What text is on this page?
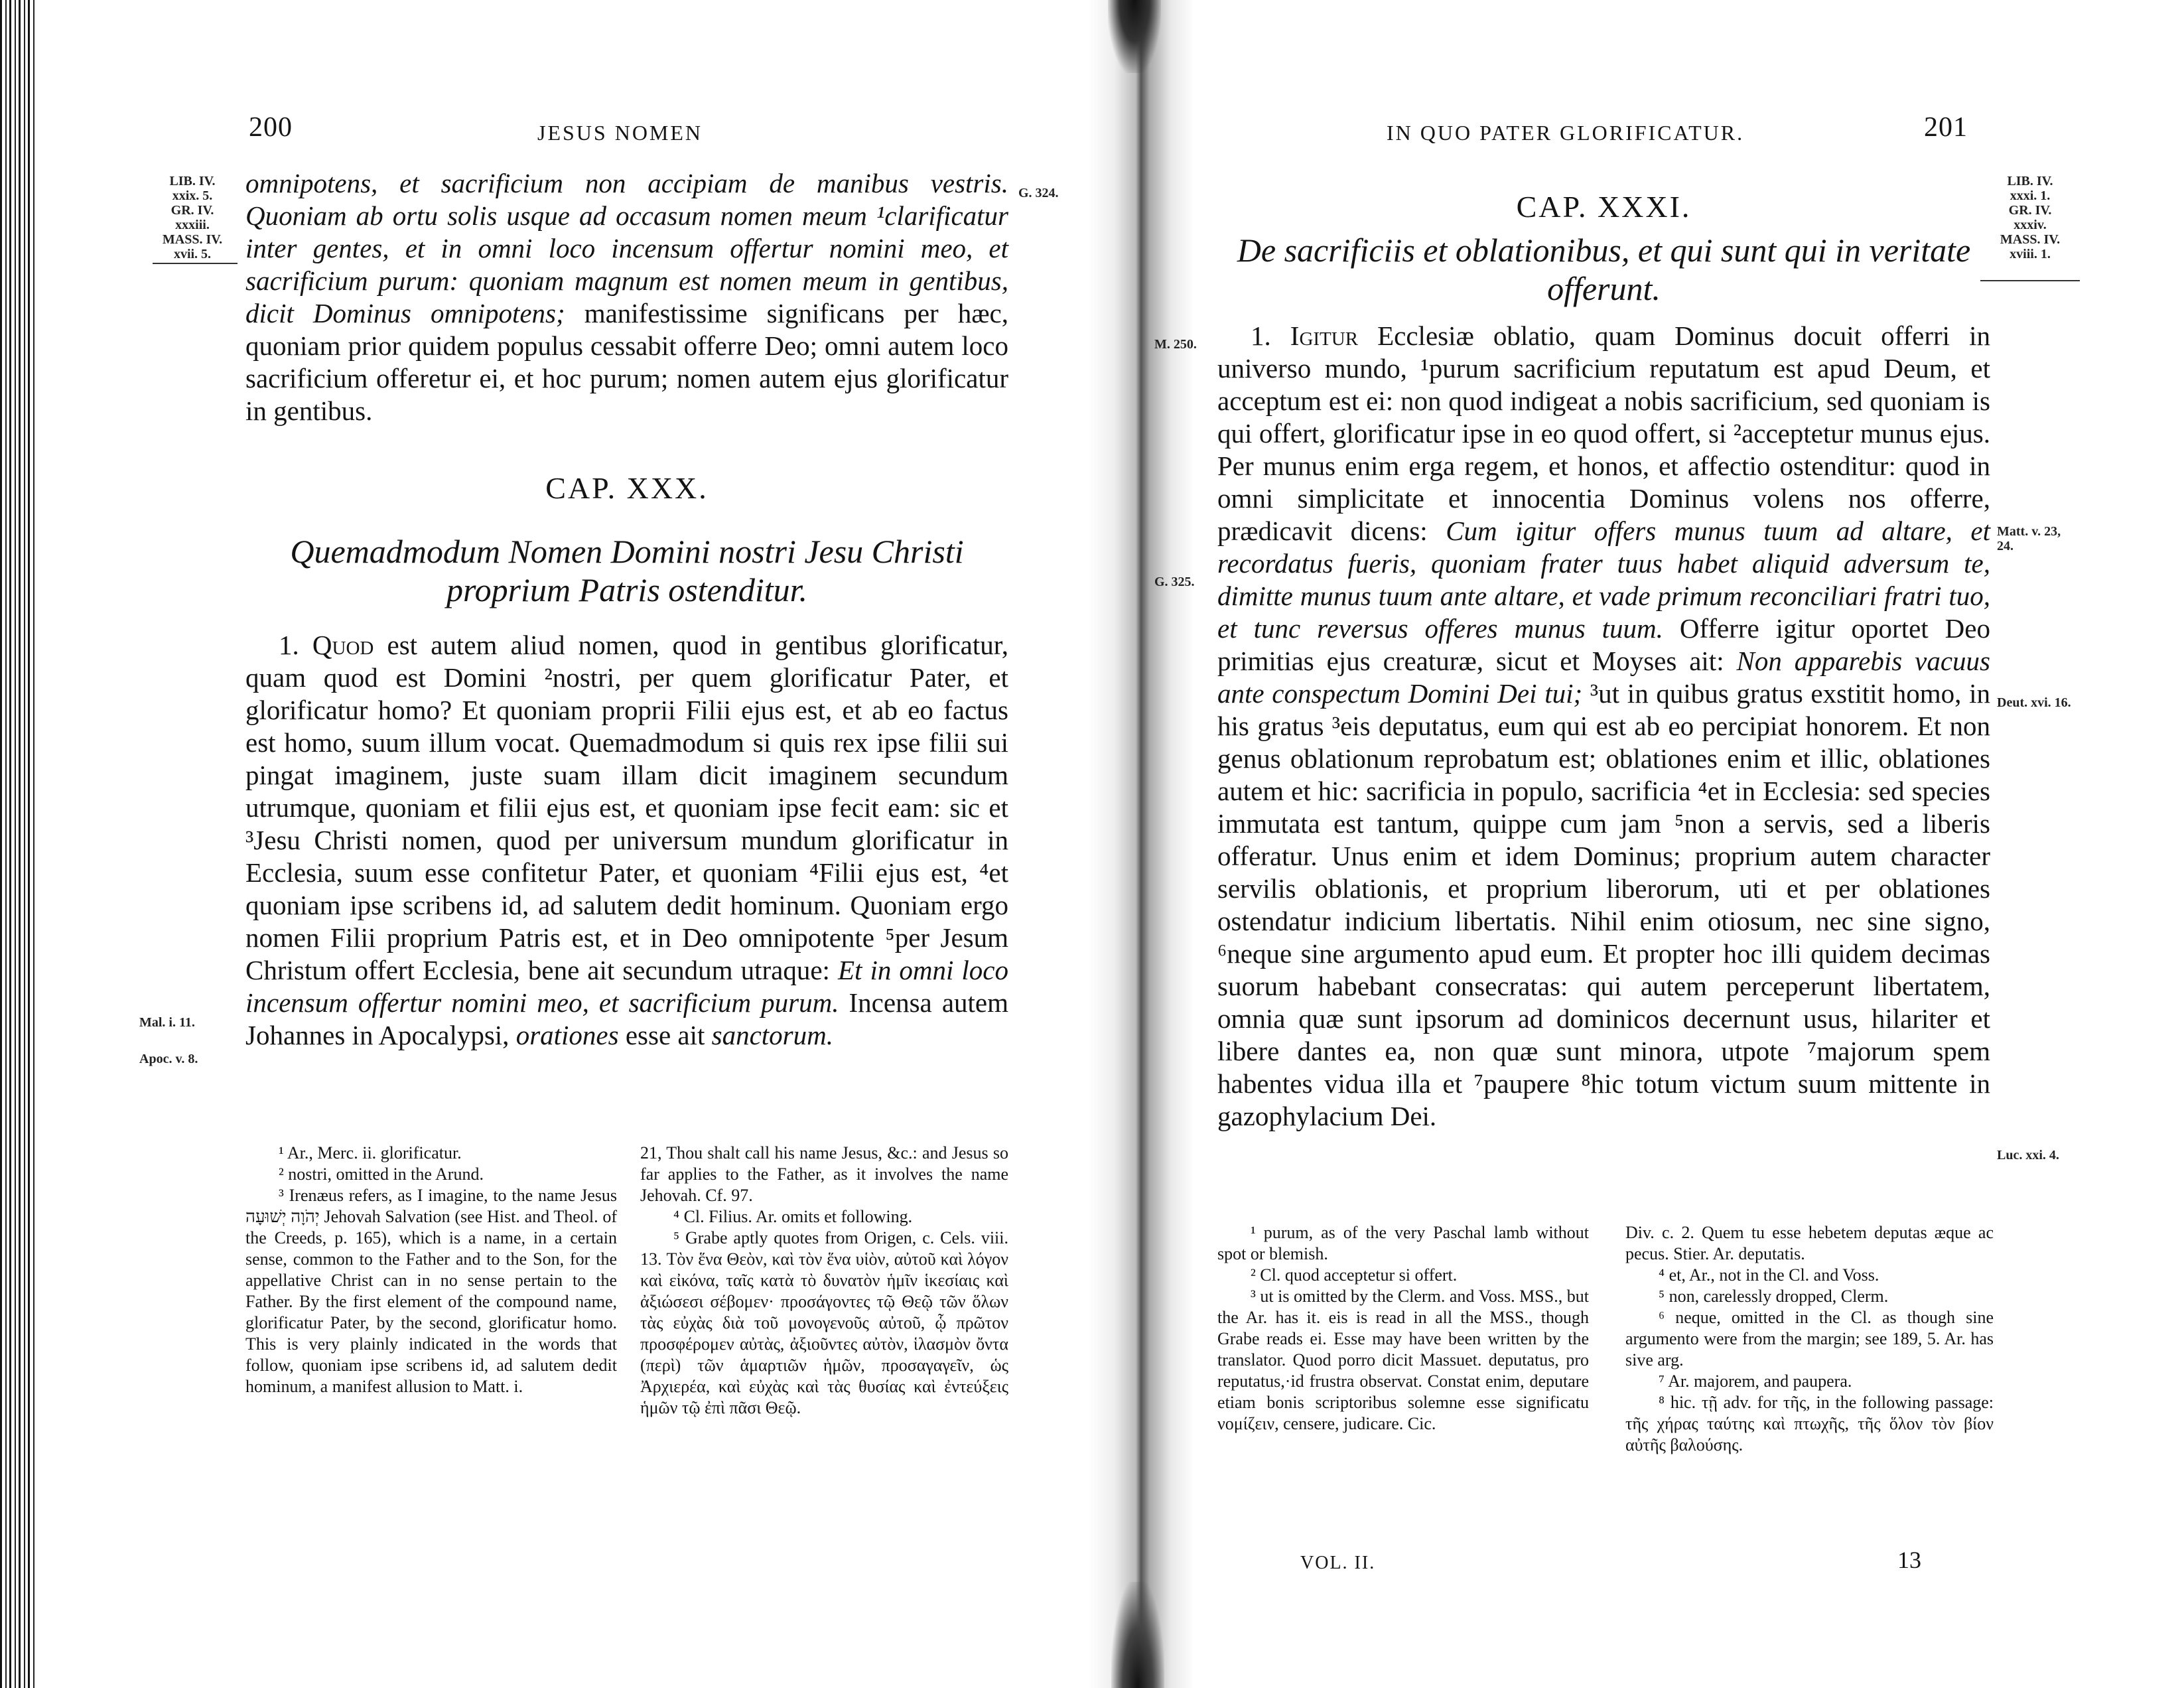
200	JESUS NOMEN
LIB. IV.
xxix. 5.
GR. IV.
xxxiii.
MASS. IV.
xvii. 5.
G. 324.
Mal. i. 11.
Apoc. v. 8.

omnipotens, et sacrificium non accipiam de manibus vestris. Quoniam ab ortu solis usque ad occasum nomen meum ¹clarificatur inter gentes, et in omni loco incensum offertur nomini meo, et sacrificium purum: quoniam magnum est nomen meum in gentibus, dicit Dominus omnipotens; manifestissime significans per hæc, quoniam prior quidem populus cessabit offerre Deo; omni autem loco sacrificium offeretur ei, et hoc purum; nomen autem ejus glorificatur in gentibus.

CAP. XXX.

Quemadmodum Nomen Domini nostri Jesu Christi proprium Patris ostenditur.

1. Quod est autem aliud nomen, quod in gentibus glorificatur, quam quod est Domini ²nostri, per quem glorificatur Pater, et glorificatur homo? Et quoniam proprii Filii ejus est, et ab eo factus est homo, suum illum vocat. Quemadmodum si quis rex ipse filii sui pingat imaginem, juste suam illam dicit imaginem secundum utrumque, quoniam et filii ejus est, et quoniam ipse fecit eam: sic et ³Jesu Christi nomen, quod per universum mundum glorificatur in Ecclesia, suum esse confitetur Pater, et quoniam ⁴Filii ejus est, ⁴et quoniam ipse scribens id, ad salutem dedit hominum. Quoniam ergo nomen Filii proprium Patris est, et in Deo omnipotente ⁵per Jesum Christum offert Ecclesia, bene ait secundum utraque: Et in omni loco incensum offertur nomini meo, et sacrificium purum. Incensa autem Johannes in Apocalypsi, orationes esse ait sanctorum.

¹ Ar., Merc. ii. glorificatur.

² nostri, omitted in the Arund.

³ Irenæus refers, as I imagine, to the name Jesus יְהֹוָה יְשׁוּעָה Jehovah Salvation (see Hist. and Theol. of the Creeds, p. 165), which is a name, in a certain sense, common to the Father and to the Son, for the appellative Christ can in no sense pertain to the Father. By the first element of the compound name, glorificatur Pater, by the second, glorificatur homo. This is very plainly indicated in the words that follow, quoniam ipse scribens id, ad salutem dedit hominum, a manifest allusion to Matt. i.

21, Thou shalt call his name Jesus, &c.: and Jesus so far applies to the Father, as it involves the name Jehovah. Cf. 97.

⁴ Cl. Filius. Ar. omits et following.

⁵ Grabe aptly quotes from Origen, c. Cels. viii. 13. Τὸν ἕνα Θεὸν, καὶ τὸν ἕνα υἱὸν, αὐτοῦ καὶ λόγον καὶ εἰκόνα, ταῖς κατὰ τὸ δυνατὸν ἡμῖν ἱκεσίαις καὶ ἀξιώσεσι σέβομεν· προσάγοντες τῷ Θεῷ τῶν ὅλων τὰς εὐχὰς διὰ τοῦ μονογενοῦς αὐτοῦ, ᾧ πρῶτον προσφέρομεν αὐτὰς, ἀξιοῦντες αὐτὸν, ἱλασμὸν ὄντα (περὶ) τῶν ἁμαρτιῶν ἡμῶν, προσαγαγεῖν, ὡς Ἀρχιερέα, καὶ εὐχὰς καὶ τὰς θυσίας καὶ ἐντεύξεις ἡμῶν τῷ ἐπὶ πᾶσι Θεῷ.

IN QUO PATER GLORIFICATUR.	201
LIB. IV.
xxxi. 1.
GR. IV.
xxxiv.
MASS. IV.
xviii. 1.
M. 250.
G. 325.
Matt. v. 23,
24.
Deut. xvi. 16.
Luc. xxi. 4.

CAP. XXXI.

De sacrificiis et oblationibus, et qui sunt qui in veritate offerunt.

1. Igitur Ecclesiæ oblatio, quam Dominus docuit offerri in universo mundo, ¹purum sacrificium reputatum est apud Deum, et acceptum est ei: non quod indigeat a nobis sacrificium, sed quoniam is qui offert, glorificatur ipse in eo quod offert, si ²acceptetur munus ejus. Per munus enim erga regem, et honos, et affectio ostenditur: quod in omni simplicitate et innocentia Dominus volens nos offerre, prædicavit dicens: Cum igitur offers munus tuum ad altare, et recordatus fueris, quoniam frater tuus habet aliquid adversum te, dimitte munus tuum ante altare, et vade primum reconciliari fratri tuo, et tunc reversus offeres munus tuum. Offerre igitur oportet Deo primitias ejus creaturæ, sicut et Moyses ait: Non apparebis vacuus ante conspectum Domini Dei tui; ³ut in quibus gratus exstitit homo, in his gratus ³eis deputatus, eum qui est ab eo percipiat honorem. Et non genus oblationum reprobatum est; oblationes enim et illic, oblationes autem et hic: sacrificia in populo, sacrificia ⁴et in Ecclesia: sed species immutata est tantum, quippe cum jam ⁵non a servis, sed a liberis offeratur. Unus enim et idem Dominus; proprium autem character servilis oblationis, et proprium liberorum, uti et per oblationes ostendatur indicium libertatis. Nihil enim otiosum, nec sine signo, ⁶neque sine argumento apud eum. Et propter hoc illi quidem decimas suorum habebant consecratas: qui autem perceperunt libertatem, omnia quæ sunt ipsorum ad dominicos decernunt usus, hilariter et libere dantes ea, non quæ sunt minora, utpote ⁷majorum spem habentes vidua illa et ⁷paupere ⁸hic totum victum suum mittente in gazophylacium Dei.

¹ purum, as of the very Paschal lamb without spot or blemish.

² Cl. quod acceptetur si offert.

³ ut is omitted by the Clerm. and Voss. MSS., but the Ar. has it. eis is read in all the MSS., though Grabe reads ei. Esse may have been written by the translator. Quod porro dicit Massuet. deputatus, pro reputatus,·id frustra observat. Constat enim, deputare etiam bonis scriptoribus solemne esse significatu νομίζειν, censere, judicare. Cic.

Div. c. 2. Quem tu esse hebetem deputas æque ac pecus. Stier. Ar. deputatis.

⁴ et, Ar., not in the Cl. and Voss.

⁵ non, carelessly dropped, Clerm.

⁶ neque, omitted in the Cl. as though sine argumento were from the margin; see 189, 5. Ar. has sive arg.

⁷ Ar. majorem, and paupera.

⁸ hic. τῇ adv. for τῆς, in the following passage: τῆς χήρας ταύτης καὶ πτωχῆς, τῆς ὅλον τὸν βίον αὐτῆς βαλούσης.

VOL. II.	13
